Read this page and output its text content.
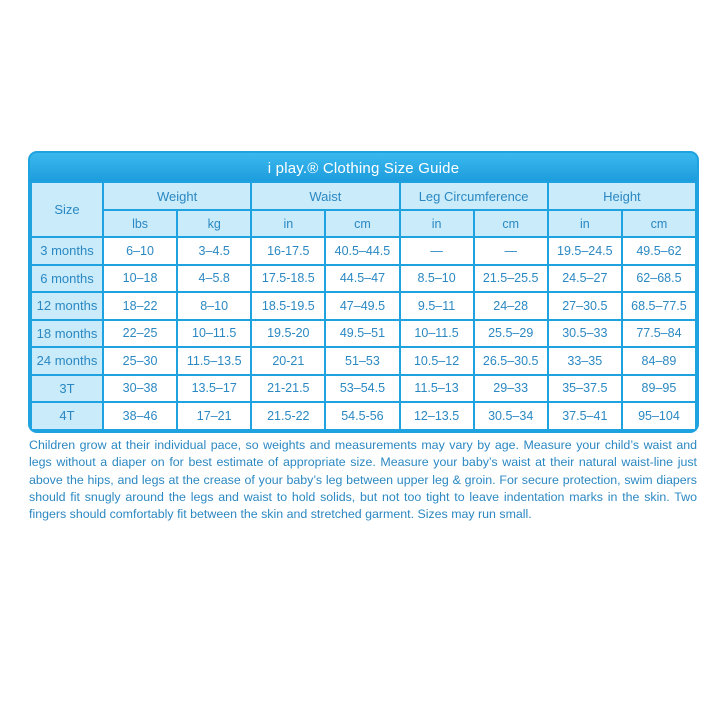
i play.® Clothing Size Guide
Size	Weight		Waist		Leg Circumference		Height	
	lbs	kg	in	cm	in	cm	in	cm
3 months	6–10	3–4.5	16-17.5	40.5–44.5	—	—	19.5–24.5	49.5–62
6 months	10–18	4–5.8	17.5-18.5	44.5–47	8.5–10	21.5–25.5	24.5–27	62–68.5
12 months	18–22	8–10	18.5-19.5	47–49.5	9.5–11	24–28	27–30.5	68.5–77.5
18 months	22–25	10–11.5	19.5-20	49.5–51	10–11.5	25.5–29	30.5–33	77.5–84
24 months	25–30	11.5–13.5	20-21	51–53	10.5–12	26.5–30.5	33–35	84–89
3T	30–38	13.5–17	21-21.5	53–54.5	11.5–13	29–33	35–37.5	89–95
4T	38–46	17–21	21.5-22	54.5-56	12–13.5	30.5–34	37.5–41	95–104

Children grow at their individual pace, so weights and measurements may vary by age. Measure your child’s waist and legs without a diaper on for best estimate of appropriate size. Measure your baby’s waist at their natural waist-line just above the hips, and legs at the crease of your baby’s leg between upper leg & groin. For secure protection, swim diapers should fit snugly around the legs and waist to hold solids, but not too tight to leave indentation marks in the skin. Two fingers should comfortably fit between the skin and stretched garment. Sizes may run small.
